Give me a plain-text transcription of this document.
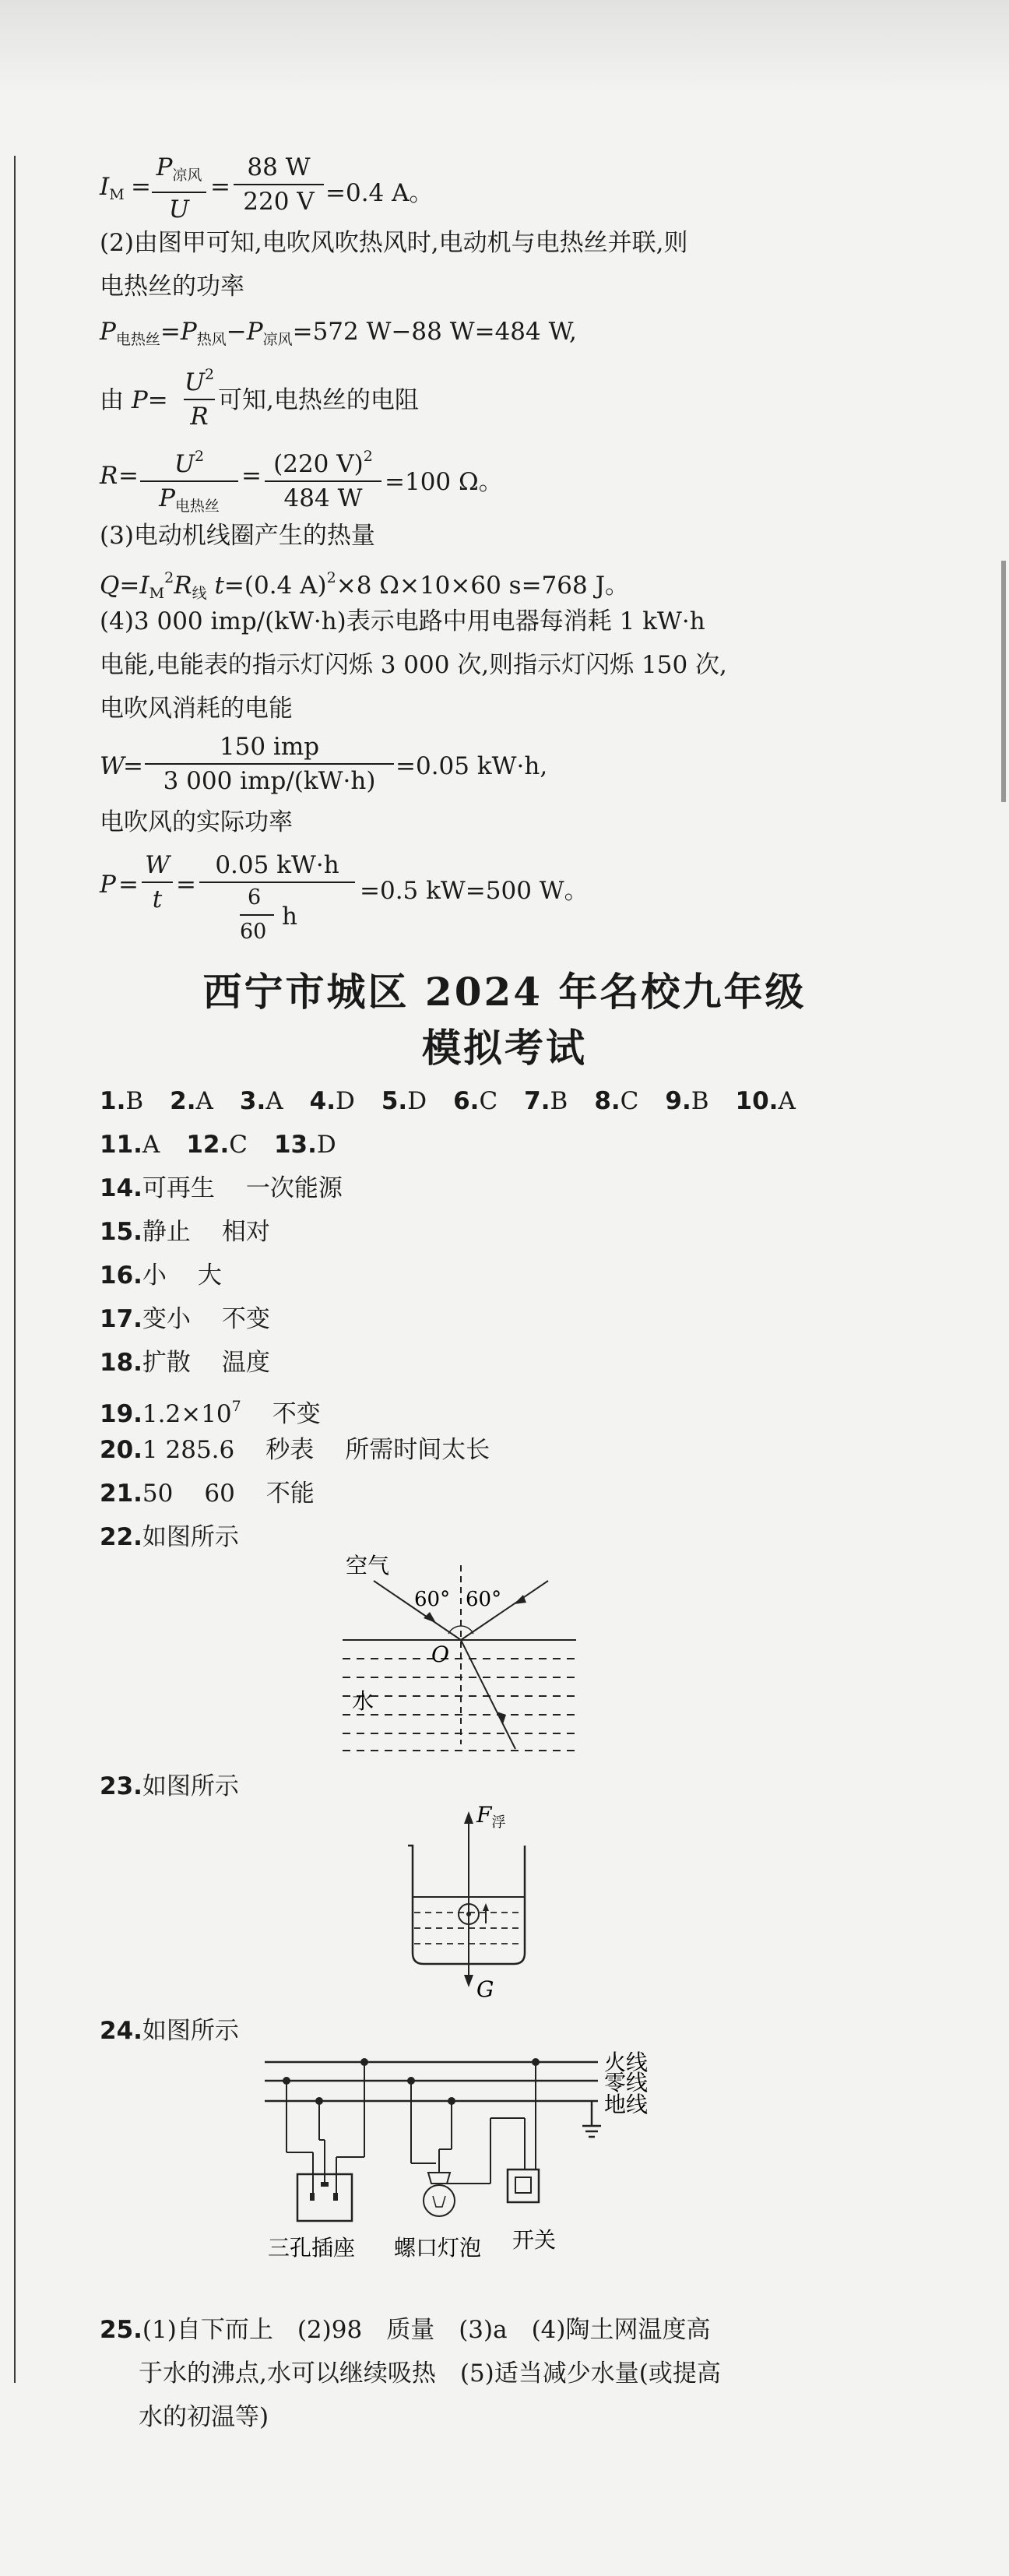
$I_M$ =
$P_{凉风}$
U
=
88 W
220 V =0.4 A。
(2)由图甲可知,电吹风吹热风时,电动机与电热丝并联,则
电热丝的功率
$P_{电热丝}=P_{热风}-P_{凉风}=572$ W−88 W=484 W,
由 P=
$U^2$
R
可知,电热丝的电阻
R =	$U^2$
$P_{电热丝}$
= (220 V)$^2$
484 W
=100 Ω。
(3)电动机线圈产生的热量
$Q=I_M^2R_线$ t=(0.4 A)$^2$×8 Ω×10×60 s=768 J。
(4)3 000 imp/(kW·h)表示电路中用电器每消耗 1 kW·h
电能,电能表的指示灯闪烁 3 000 次,则指示灯闪烁 150 次,
电吹风消耗的电能
W
=
150 imp
3 000 imp/(kW·h)
=0.05 kW·h,
电吹风的实际功率
P =
W
t
=
0.05 kW·h
6
60
h
=0.5 kW=500 W。
西宁市城区 2024 年名校九年级
模拟考试
1.B 2.A 3.A 4.D 5.D 6.C 7.B 8.C 9.B 10.A
11.A 12.C 13.D
14.可再生 一次能源
15.静止 相对
16.小 大
17.变小 不变
18.扩散 温度
$19.1.2\times 10^7$ 不变
20.1 285.6 秒表 所需时间太长
21.50 60 不能
22.如图所示
空气
60° 60°
O
水
23.如图所示
$F_浮$
G
24.如图所示
火线
零线
地线
三孔插座 螺口灯泡 开关
25.(1)自下而上　(2)98　质量　(3)a　(4)陶土网温度高
于水的沸点,水可以继续吸热　(5)适当减少水量(或提高
水的初温等)
